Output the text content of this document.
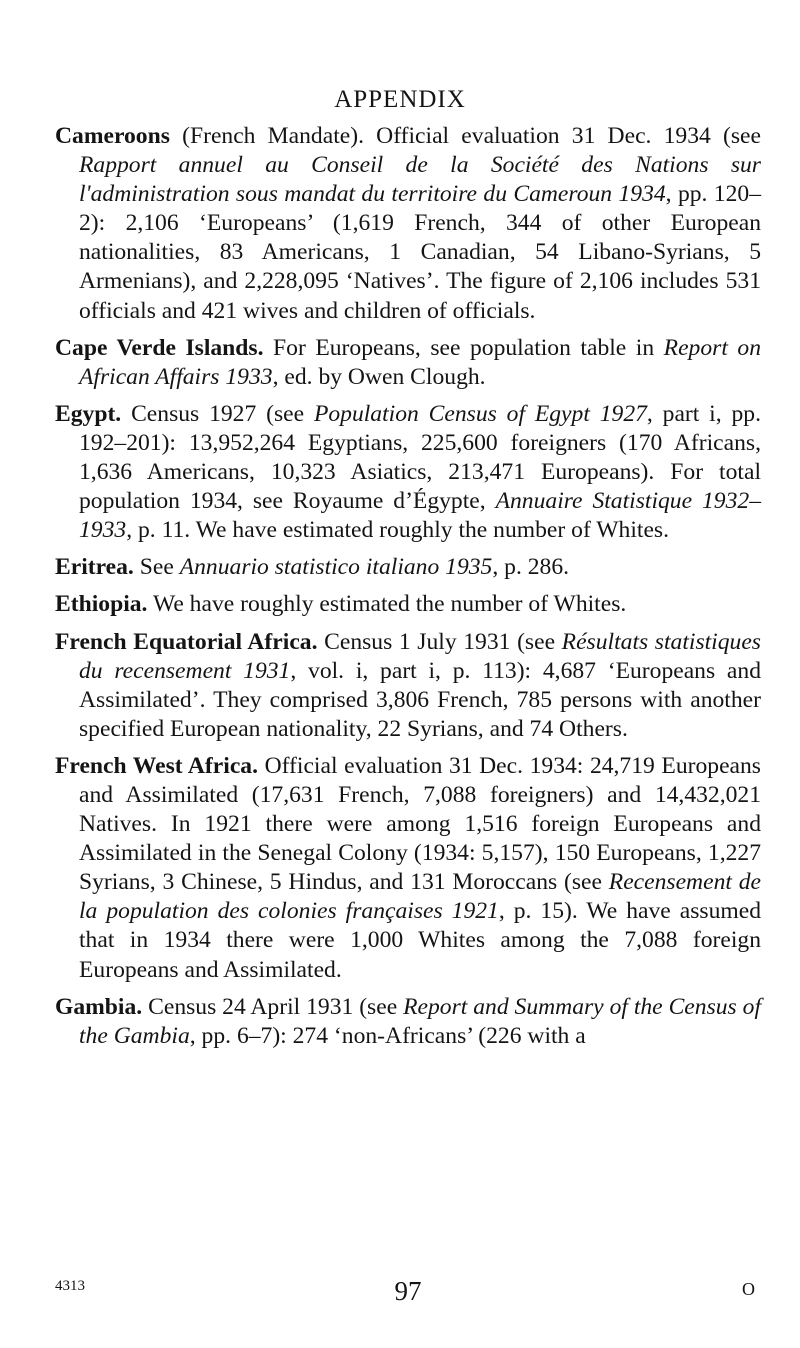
APPENDIX

Cameroons (French Mandate). Official evaluation 31 Dec. 1934 (see Rapport annuel au Conseil de la Société des Nations sur l'administration sous mandat du territoire du Cameroun 1934, pp. 120–2): 2,106 ‘Europeans’ (1,619 French, 344 of other European nationalities, 83 Americans, 1 Canadian, 54 Libano-Syrians, 5 Armenians), and 2,228,095 ‘Natives’. The figure of 2,106 includes 531 officials and 421 wives and children of officials.

Cape Verde Islands. For Europeans, see population table in Report on African Affairs 1933, ed. by Owen Clough.

Egypt. Census 1927 (see Population Census of Egypt 1927, part i, pp. 192–201): 13,952,264 Egyptians, 225,600 foreigners (170 Africans, 1,636 Americans, 10,323 Asiatics, 213,471 Europeans). For total population 1934, see Royaume d’Égypte, Annuaire Statistique 1932–1933, p. 11. We have estimated roughly the number of Whites.

Eritrea. See Annuario statistico italiano 1935, p. 286.

Ethiopia. We have roughly estimated the number of Whites.

French Equatorial Africa. Census 1 July 1931 (see Résultats statistiques du recensement 1931, vol. i, part i, p. 113): 4,687 ‘Europeans and Assimilated’. They comprised 3,806 French, 785 persons with another specified European nationality, 22 Syrians, and 74 Others.

French West Africa. Official evaluation 31 Dec. 1934: 24,719 Europeans and Assimilated (17,631 French, 7,088 foreigners) and 14,432,021 Natives. In 1921 there were among 1,516 foreign Europeans and Assimilated in the Senegal Colony (1934: 5,157), 150 Europeans, 1,227 Syrians, 3 Chinese, 5 Hindus, and 131 Moroccans (see Recensement de la population des colonies françaises 1921, p. 15). We have assumed that in 1934 there were 1,000 Whites among the 7,088 foreign Europeans and Assimilated.

Gambia. Census 24 April 1931 (see Report and Summary of the Census of the Gambia, pp. 6–7): 274 ‘non-Africans’ (226 with a

4313	97	O
